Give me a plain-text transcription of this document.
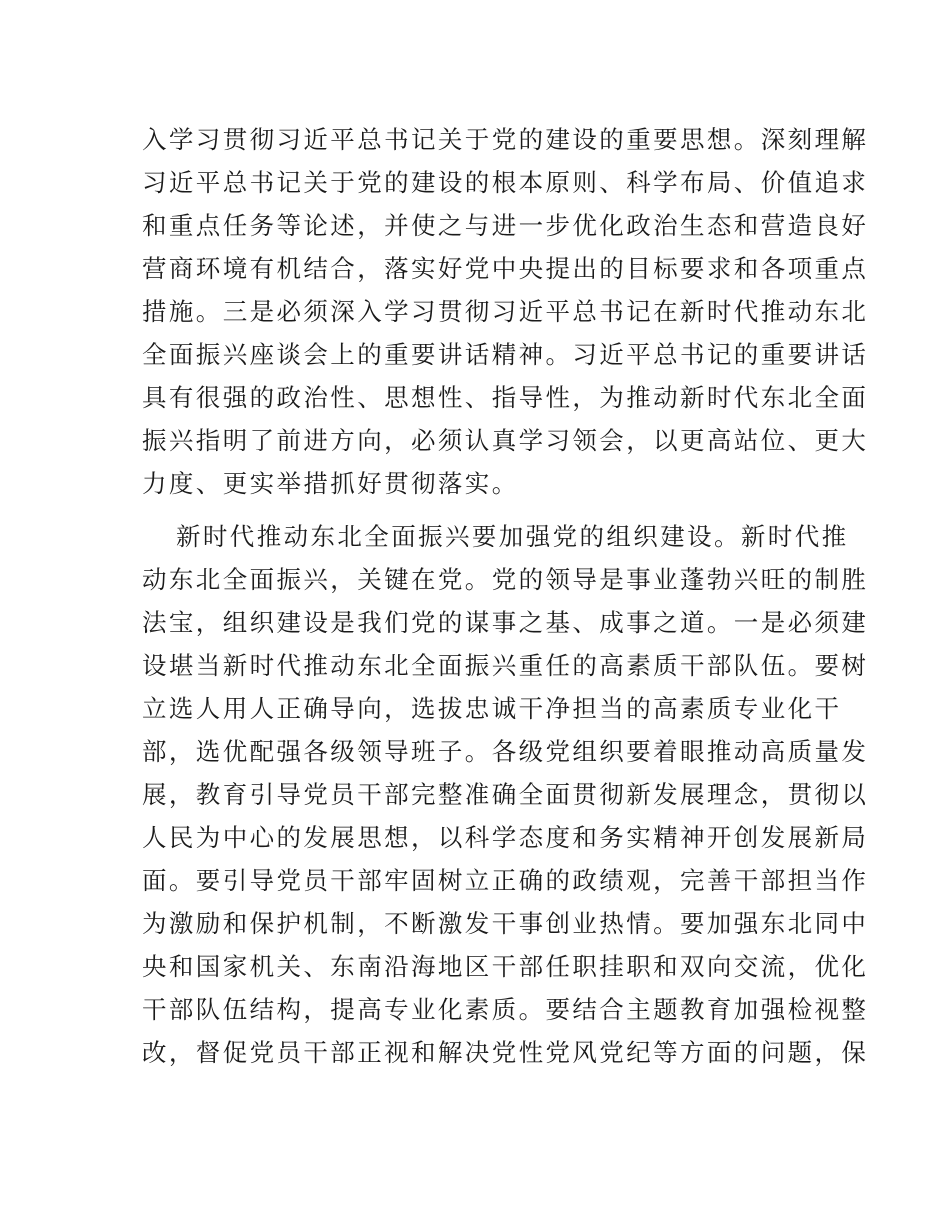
入学习贯彻习近平总书记关于党的建设的重要思想。深刻理解
习近平总书记关于党的建设的根本原则、科学布局、价值追求
和重点任务等论述，并使之与进一步优化政治生态和营造良好
营商环境有机结合，落实好党中央提出的目标要求和各项重点
措施。三是必须深入学习贯彻习近平总书记在新时代推动东北
全面振兴座谈会上的重要讲话精神。习近平总书记的重要讲话
具有很强的政治性、思想性、指导性，为推动新时代东北全面
振兴指明了前进方向，必须认真学习领会，以更高站位、更大
力度、更实举措抓好贯彻落实。
新时代推动东北全面振兴要加强党的组织建设。新时代推
动东北全面振兴，关键在党。党的领导是事业蓬勃兴旺的制胜
法宝，组织建设是我们党的谋事之基、成事之道。一是必须建
设堪当新时代推动东北全面振兴重任的高素质干部队伍。要树
立选人用人正确导向，选拔忠诚干净担当的高素质专业化干
部，选优配强各级领导班子。各级党组织要着眼推动高质量发
展，教育引导党员干部完整准确全面贯彻新发展理念，贯彻以
人民为中心的发展思想，以科学态度和务实精神开创发展新局
面。要引导党员干部牢固树立正确的政绩观，完善干部担当作
为激励和保护机制，不断激发干事创业热情。要加强东北同中
央和国家机关、东南沿海地区干部任职挂职和双向交流，优化
干部队伍结构，提高专业化素质。要结合主题教育加强检视整
改，督促党员干部正视和解决党性党风党纪等方面的问题，保
